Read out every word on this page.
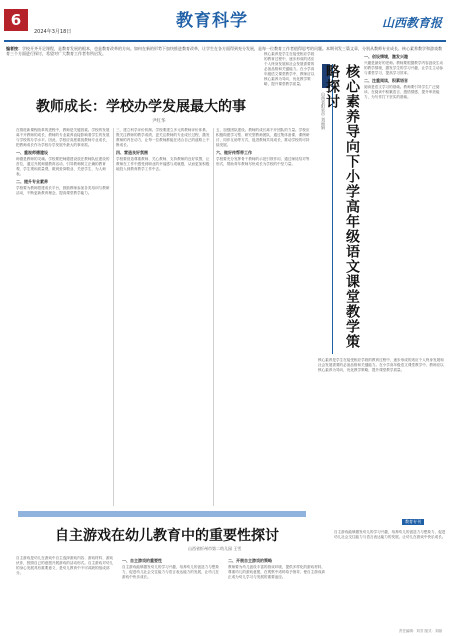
6
2024年3月18日
教育科学	山西教育报
编者按：学校开齐开足课程，是教育发展的根本，也是教育改革的方向。如何在新的形势下加快推进教育改革，让学生在各方面得到充分发展，是每一位教育工作者值得思考的问题。本期刊发三篇文章，分别从教师专业成长、核心素养教学和游戏教育三个方面进行探讨，希望对广大教育工作者有所启发。
教师成长：学校办学发展最大的事
尹红华
在推进新课程改革的进程中，教师是关键因素。学校的发展离不开教师的成长，教师的专业素养直接影响着学生的发展与学校的办学水平。因此，学校应高度重视教师专业成长，把教师成长作为学校办学发展中最大的事来抓。
一、重视师德建设
师德是教师的灵魂。学校要把师德建设放在教师队伍建设的首位，通过开展师德教育活动，引导教师树立正确的教育观、学生观和质量观，做到爱岗敬业、关爱学生、为人师表。
二、提升专业素养
学校要为教师搭建成长平台，鼓励教师参加各类培训与教研活动，不断更新教育理念，提高课堂教学能力。
三、建立科学评价机制。学校要建立多元的教师评价体系，既关注教师的教学成绩，更关注教师的专业成长过程，激发教师的内在动力，让每一位教师都能在适合自己的道路上不断成长。
四、营造良好氛围
学校要营造尊重教师、关心教师、支持教师的良好氛围，让教师在工作中感受到职业的幸福感与成就感，从而更加积极地投入到教育教学工作中去。
五、加强团队建设。教师的成长离不开团队的力量。学校应积极构建学习型、研究型教师团队，通过集体备课、课例研讨、同伴互助等方式，促进教师共同成长，推动学校的可持续发展。
六、做好传帮带工作
学校要充分发挥骨干教师的示范引领作用，通过师徒结对等形式，帮助青年教师尽快成长为学校的中坚力量。
核心素养是学生在接受相应学段的教育过程中，逐步形成的适应个人终身发展和社会发展需要的必备品格和关键能力。在小学高年级语文课堂教学中，教师应以核心素养为导向，优化教学策略，提升课堂教学质量。
山西省阳泉市 刘丽娟	核心素养导向下小学高年级语文课堂教学策略探讨
一、创设情境，激发兴趣
兴趣是最好的老师。教师要根据教学内容创设生动的教学情境，激发学生的学习兴趣，让学生主动参与课堂学习，提高学习效率。
二、注重阅读，积累语言
阅读是语文学习的基础。教师要引导学生广泛阅读，在阅读中积累语言、感悟情感、提升审美能力，为写作打下坚实的基础。
核心素养是学生在接受相应学段的教育过程中，逐步形成的适应个人终身发展和社会发展需要的必备品格和关键能力。在小学高年级语文课堂教学中，教师应以核心素养为导向，优化教学策略，提升课堂教学质量。
教育专刊
自主游戏在幼儿教育中的重要性探讨
山西省忻州市第二幼儿园 王雪
自主游戏是幼儿在游戏中自主选择游戏内容、游戏材料、游戏伙伴，按照自己的意愿开展游戏的活动形式。自主游戏对幼儿的身心发展具有重要意义，是幼儿教育中不可或缺的组成部分。
一、自主游戏的重要性
自主游戏能够激发幼儿的学习兴趣，培养幼儿的创造力与想象力，促进幼儿社会交往能力与语言表达能力的发展，让幼儿在游戏中快乐成长。
二、开展自主游戏的策略
教师要为幼儿创设丰富的游戏环境，提供多样化的游戏材料，尊重幼儿的游戏意愿，在观察中适时给予指导，使自主游戏真正成为幼儿学习与发展的重要途径。
自主游戏能够激发幼儿的学习兴趣，培养幼儿的创造力与想象力，促进幼儿社会交往能力与语言表达能力的发展，让幼儿在游戏中快乐成长。
责任编辑：刘芳 版式：刘丽
